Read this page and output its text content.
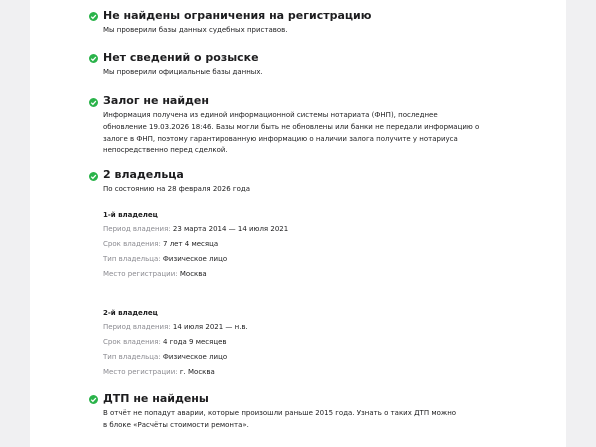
Не найдены ограничения на регистрацию
Мы проверили базы данных судебных приставов.
Нет сведений о розыске
Мы проверили официальные базы данных.
Залог не найден
Информация получена из единой информационной системы нотариата (ФНП), последнее
обновление 19.03.2026 18:46. Базы могли быть не обновлены или банки не передали информацию о
залоге в ФНП, поэтому гарантированную информацию о наличии залога получите у нотариуса
непосредственно перед сделкой.
2 владельца
По состоянию на 28 февраля 2026 года
1-й владелец
Период владения: 23 марта 2014 — 14 июля 2021
Срок владения: 7 лет 4 месяца
Тип владельца: Физическое лицо
Место регистрации: Москва
2-й владелец
Период владения: 14 июля 2021 — н.в.
Срок владения: 4 года 9 месяцев
Тип владельца: Физическое лицо
Место регистрации: г. Москва
ДТП не найдены
В отчёт не попадут аварии, которые произошли раньше 2015 года. Узнать о таких ДТП можно
в блоке «Расчёты стоимости ремонта».
